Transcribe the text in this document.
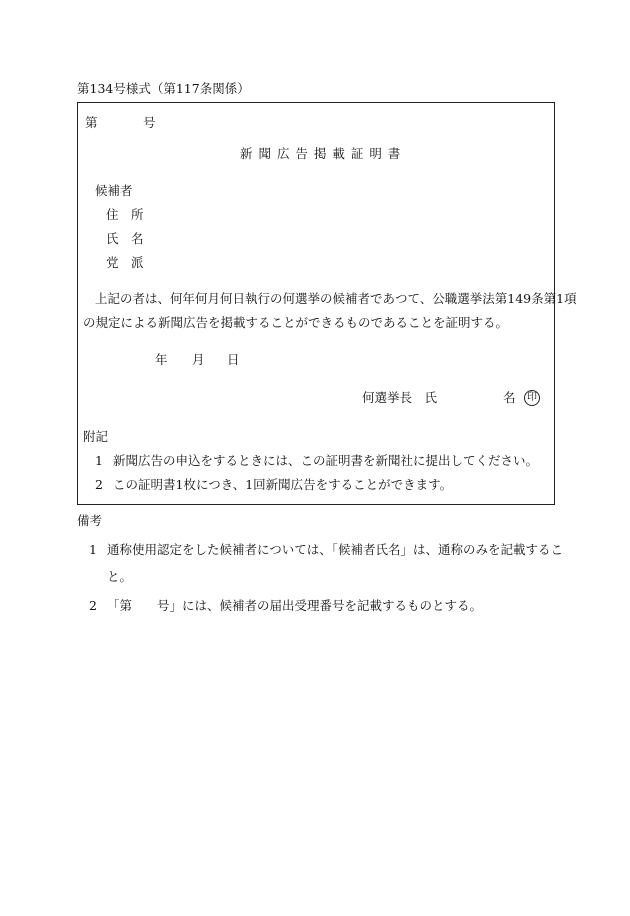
第134号様式（第117条関係）
第	号
新 聞 広 告 掲 載 証 明 書
候補者
住　所
氏　名
党　派
上記の者は、何年何月何日執行の何選挙の候補者であつて、公職選挙法第149条第1項
の規定による新聞広告を掲載することができるものであることを証明する。
年 月 日
何選挙長　氏	名	印
附記
1 新聞広告の申込をするときには、この証明書を新聞社に提出してください。
2 この証明書1枚につき、1回新聞広告をすることができます。
備考
1 通称使用認定をした候補者については、「候補者氏名」は、通称のみを記載するこ
と。
2 「第　　号」には、候補者の届出受理番号を記載するものとする。
